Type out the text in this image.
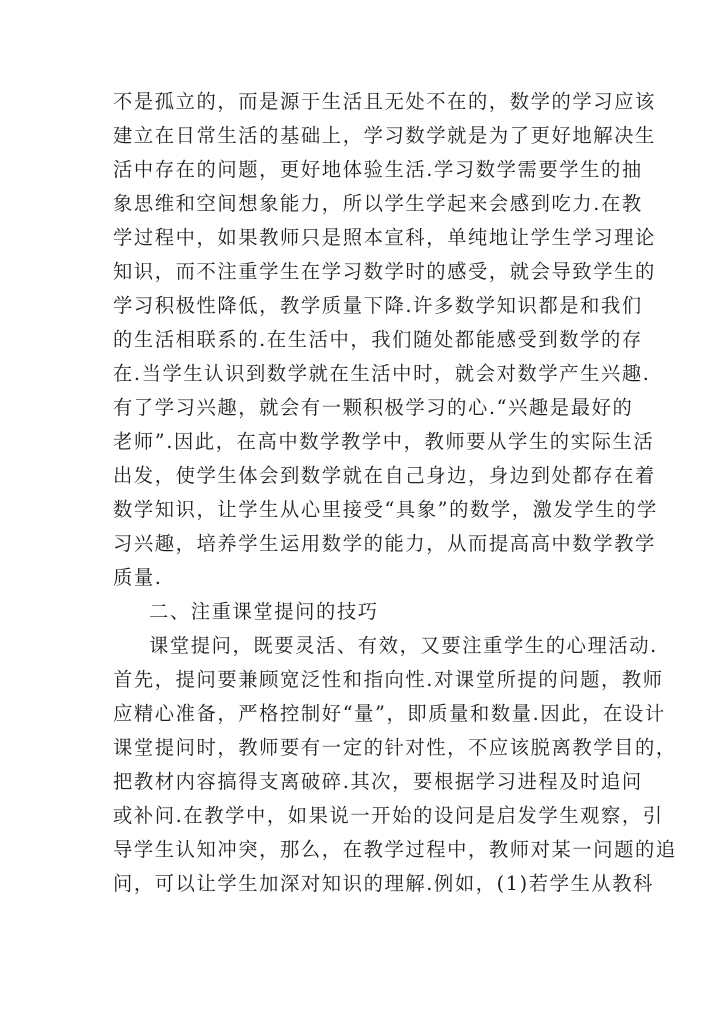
不是孤立的，而是源于生活且无处不在的，数学的学习应该
建立在日常生活的基础上，学习数学就是为了更好地解决生
活中存在的问题，更好地体验生活.学习数学需要学生的抽
象思维和空间想象能力，所以学生学起来会感到吃力.在教
学过程中，如果教师只是照本宣科，单纯地让学生学习理论
知识，而不注重学生在学习数学时的感受，就会导致学生的
学习积极性降低，教学质量下降.许多数学知识都是和我们
的生活相联系的.在生活中，我们随处都能感受到数学的存
在.当学生认识到数学就在生活中时，就会对数学产生兴趣.
有了学习兴趣，就会有一颗积极学习的心.“兴趣是最好的
老师”.因此，在高中数学教学中，教师要从学生的实际生活
出发，使学生体会到数学就在自己身边，身边到处都存在着
数学知识，让学生从心里接受“具象”的数学，激发学生的学
习兴趣，培养学生运用数学的能力，从而提高高中数学教学
质量.
二、注重课堂提问的技巧
课堂提问，既要灵活、有效，又要注重学生的心理活动.
首先，提问要兼顾宽泛性和指向性.对课堂所提的问题，教师
应精心准备，严格控制好“量”，即质量和数量.因此，在设计
课堂提问时，教师要有一定的针对性，不应该脱离教学目的，
把教材内容搞得支离破碎.其次，要根据学习进程及时追问
或补问.在教学中，如果说一开始的设问是启发学生观察，引
导学生认知冲突，那么，在教学过程中，教师对某一问题的追
问，可以让学生加深对知识的理解.例如，(1)若学生从教科
